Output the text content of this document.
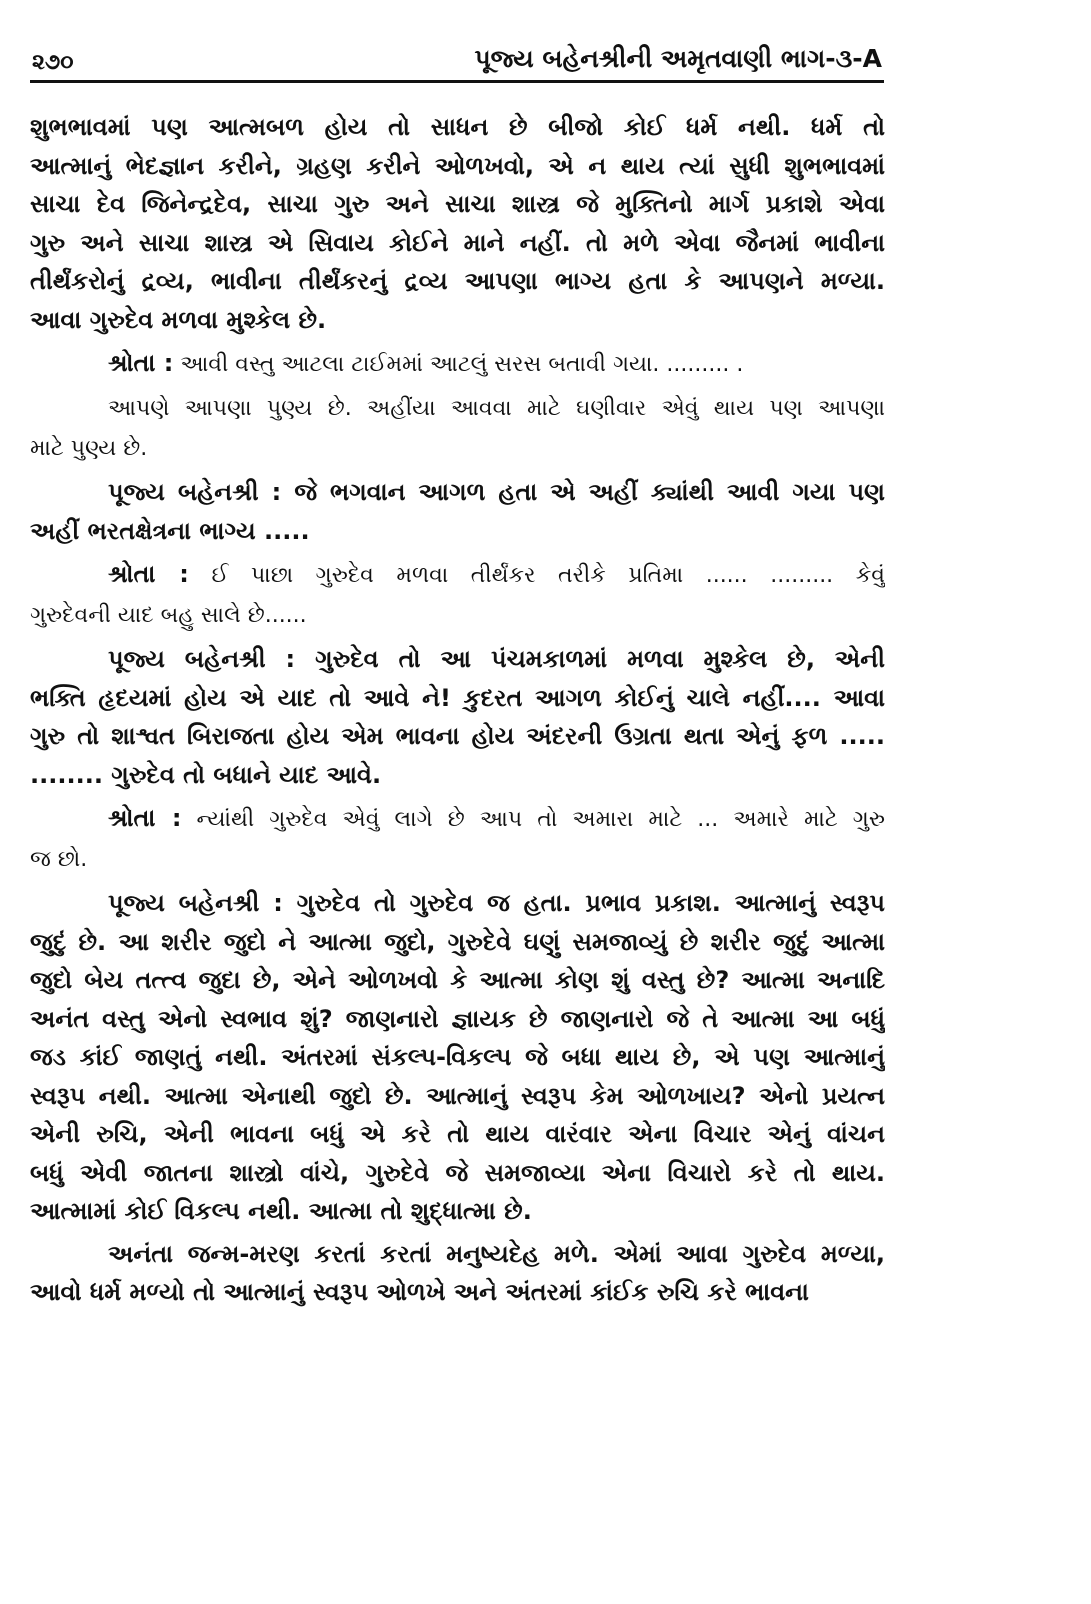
૨૭૦	પૂજ્ય બહેનશ્રીની અમૃતવાણી ભાગ-૩-A
શુભભાવમાં પણ આત્મબળ હોય તો સાધન છે બીજો કોઈ ધર્મ નથી. ધર્મ તો
આત્માનું ભેદજ્ઞાન કરીને, ગ્રહણ કરીને ઓળખવો, એ ન થાય ત્યાં સુધી શુભભાવમાં
સાચા દેવ જિનેન્દ્રદેવ, સાચા ગુરુ અને સાચા શાસ્ત્ર જે મુક્તિનો માર્ગ પ્રકાશે એવા
ગુરુ અને સાચા શાસ્ત્ર એ સિવાય કોઈને માને નહીં. તો મળે એવા જૈનમાં ભાવીના
તીર્થંકરોનું દ્રવ્ય, ભાવીના તીર્થંકરનું દ્રવ્ય આપણા ભાગ્ય હતા કે આપણને મળ્યા.
આવા ગુરુદેવ મળવા મુશ્કેલ છે.
શ્રોતા : આવી વસ્તુ આટલા ટાઈમમાં આટલું સરસ બતાવી ગયા. ......... .
આપણે આપણા પુણ્ય છે. અહીંયા આવવા માટે ઘણીવાર એવું થાય પણ આપણા
માટે પુણ્ય છે.
પૂજ્ય બહેનશ્રી : જે ભગવાન આગળ હતા એ અહીં ક્યાંથી આવી ગયા પણ
અહીં ભરતક્ષેત્રના ભાગ્ય .....
શ્રોતા : ઈ પાછા ગુરુદેવ મળવા તીર્થંકર તરીકે પ્રતિમા ...... ......... કેવું
ગુરુદેવની યાદ બહુ સાલે છે......
પૂજ્ય બહેનશ્રી : ગુરુદેવ તો આ પંચમકાળમાં મળવા મુશ્કેલ છે, એની
ભક્તિ હૃદયમાં હોય એ યાદ તો આવે ને! કુદરત આગળ કોઈનું ચાલે નહીં.... આવા
ગુરુ તો શાશ્વત બિરાજતા હોય એમ ભાવના હોય અંદરની ઉગ્રતા થતા એનું ફળ .....
........ ગુરુદેવ તો બધાને યાદ આવે.
શ્રોતા : ન્યાંથી ગુરુદેવ એવું લાગે છે આપ તો અમારા માટે ... અમારે માટે ગુરુ
જ છો.
પૂજ્ય બહેનશ્રી : ગુરુદેવ તો ગુરુદેવ જ હતા. પ્રભાવ પ્રકાશ. આત્માનું સ્વરૂપ
જુદું છે. આ શરીર જુદો ને આત્મા જુદો, ગુરુદેવે ઘણું સમજાવ્યું છે શરીર જુદું આત્મા
જુદો બેય તત્ત્વ જુદા છે, એને ઓળખવો કે આત્મા કોણ શું વસ્તુ છે? આત્મા અનાદિ
અનંત વસ્તુ એનો સ્વભાવ શું? જાણનારો જ્ઞાયક છે જાણનારો જે તે આત્મા આ બધું
જડ કાંઈ જાણતું નથી. અંતરમાં સંકલ્પ-વિકલ્પ જે બધા થાય છે, એ પણ આત્માનું
સ્વરૂપ નથી. આત્મા એનાથી જુદો છે. આત્માનું સ્વરૂપ કેમ ઓળખાય? એનો પ્રયત્ન
એની રુચિ, એની ભાવના બધું એ કરે તો થાય વારંવાર એના વિચાર એનું વાંચન
બધું એવી જાતના શાસ્ત્રો વાંચે, ગુરુદેવે જે સમજાવ્યા એના વિચારો કરે તો થાય.
આત્મામાં કોઈ વિકલ્પ નથી. આત્મા તો શુદ્ધાત્મા છે.
અનંતા જન્મ-મરણ કરતાં કરતાં મનુષ્યદેહ મળે. એમાં આવા ગુરુદેવ મળ્યા,
આવો ધર્મ મળ્યો તો આત્માનું સ્વરૂપ ઓળખે અને અંતરમાં કાંઈક રુચિ કરે ભાવના
